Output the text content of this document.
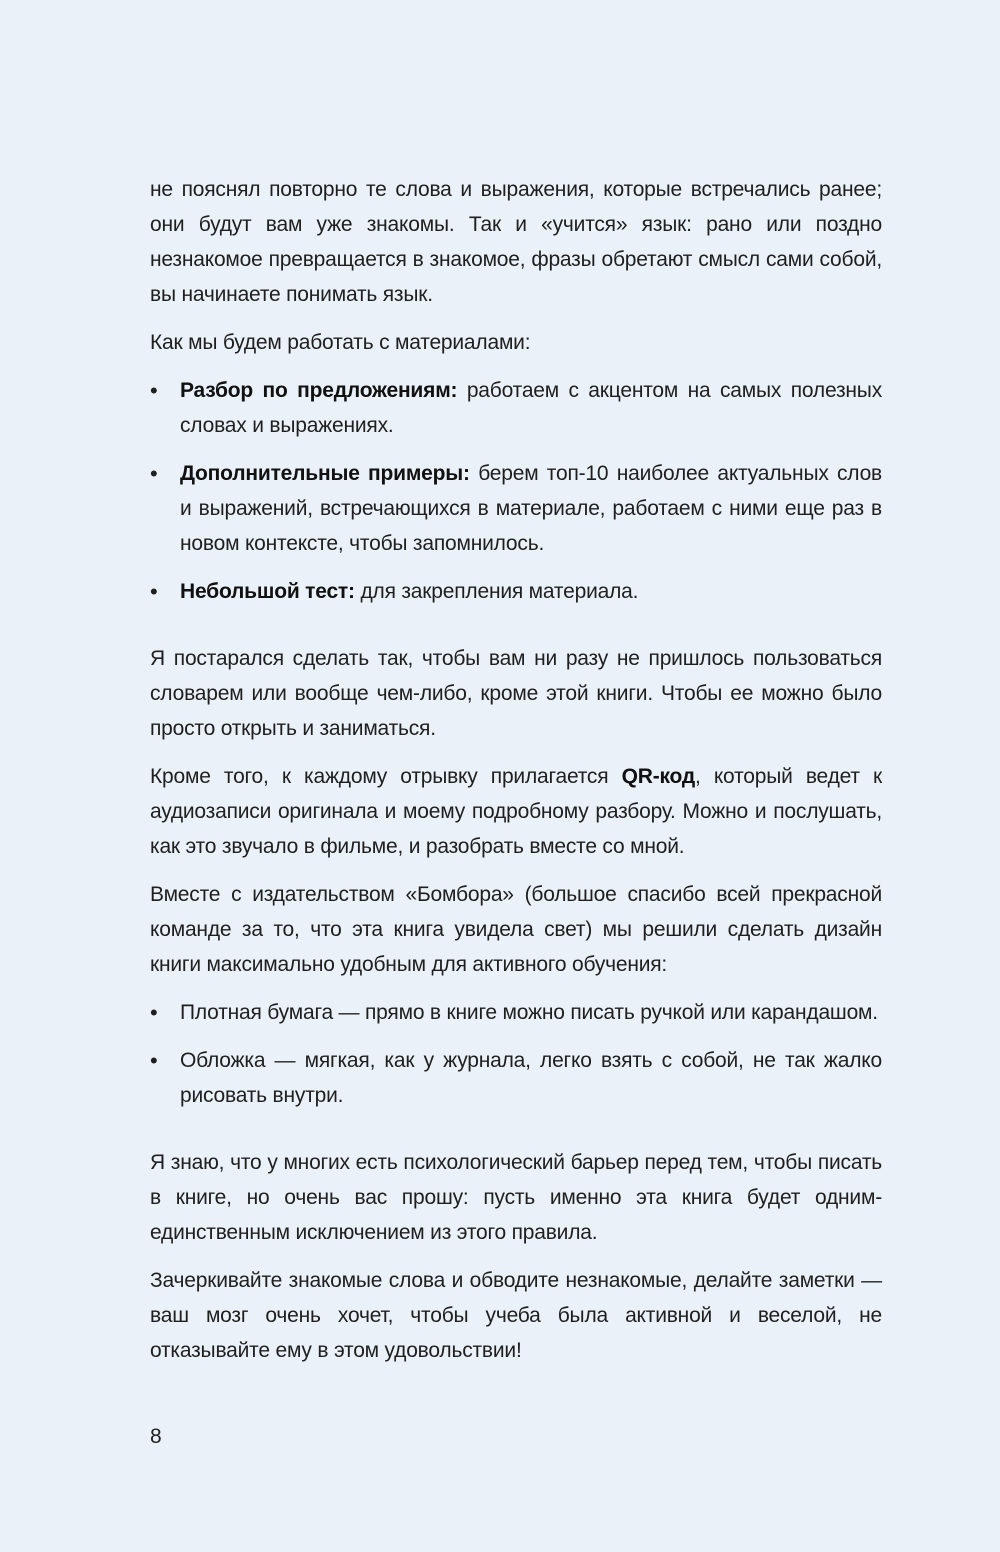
не пояснял повторно те слова и выражения, которые встречались ранее; они будут вам уже знакомы. Так и «учится» язык: рано или поздно незнакомое превращается в знакомое, фразы обретают смысл сами собой, вы начинаете понимать язык.

Как мы будем работать с материалами:

• Разбор по предложениям: работаем с акцентом на самых полезных словах и выражениях.
• Дополнительные примеры: берем топ-10 наиболее актуальных слов и выражений, встречающихся в материале, работаем с ними еще раз в новом контексте, чтобы запомнилось.
• Небольшой тест: для закрепления материала.

Я постарался сделать так, чтобы вам ни разу не пришлось пользоваться словарем или вообще чем-либо, кроме этой книги. Чтобы ее можно было просто открыть и заниматься.

Кроме того, к каждому отрывку прилагается QR-код, который ведет к аудиозаписи оригинала и моему подробному разбору. Можно и послушать, как это звучало в фильме, и разобрать вместе со мной.

Вместе с издательством «Бомбора» (большое спасибо всей прекрасной команде за то, что эта книга увидела свет) мы решили сделать дизайн книги максимально удобным для активного обучения:

• Плотная бумага — прямо в книге можно писать ручкой или карандашом.
• Обложка — мягкая, как у журнала, легко взять с собой, не так жалко рисовать внутри.

Я знаю, что у многих есть психологический барьер перед тем, чтобы писать в книге, но очень вас прошу: пусть именно эта книга будет одним-единственным исключением из этого правила.

Зачеркивайте знакомые слова и обводите незнакомые, делайте заметки — ваш мозг очень хочет, чтобы учеба была активной и веселой, не отказывайте ему в этом удовольствии!

8
